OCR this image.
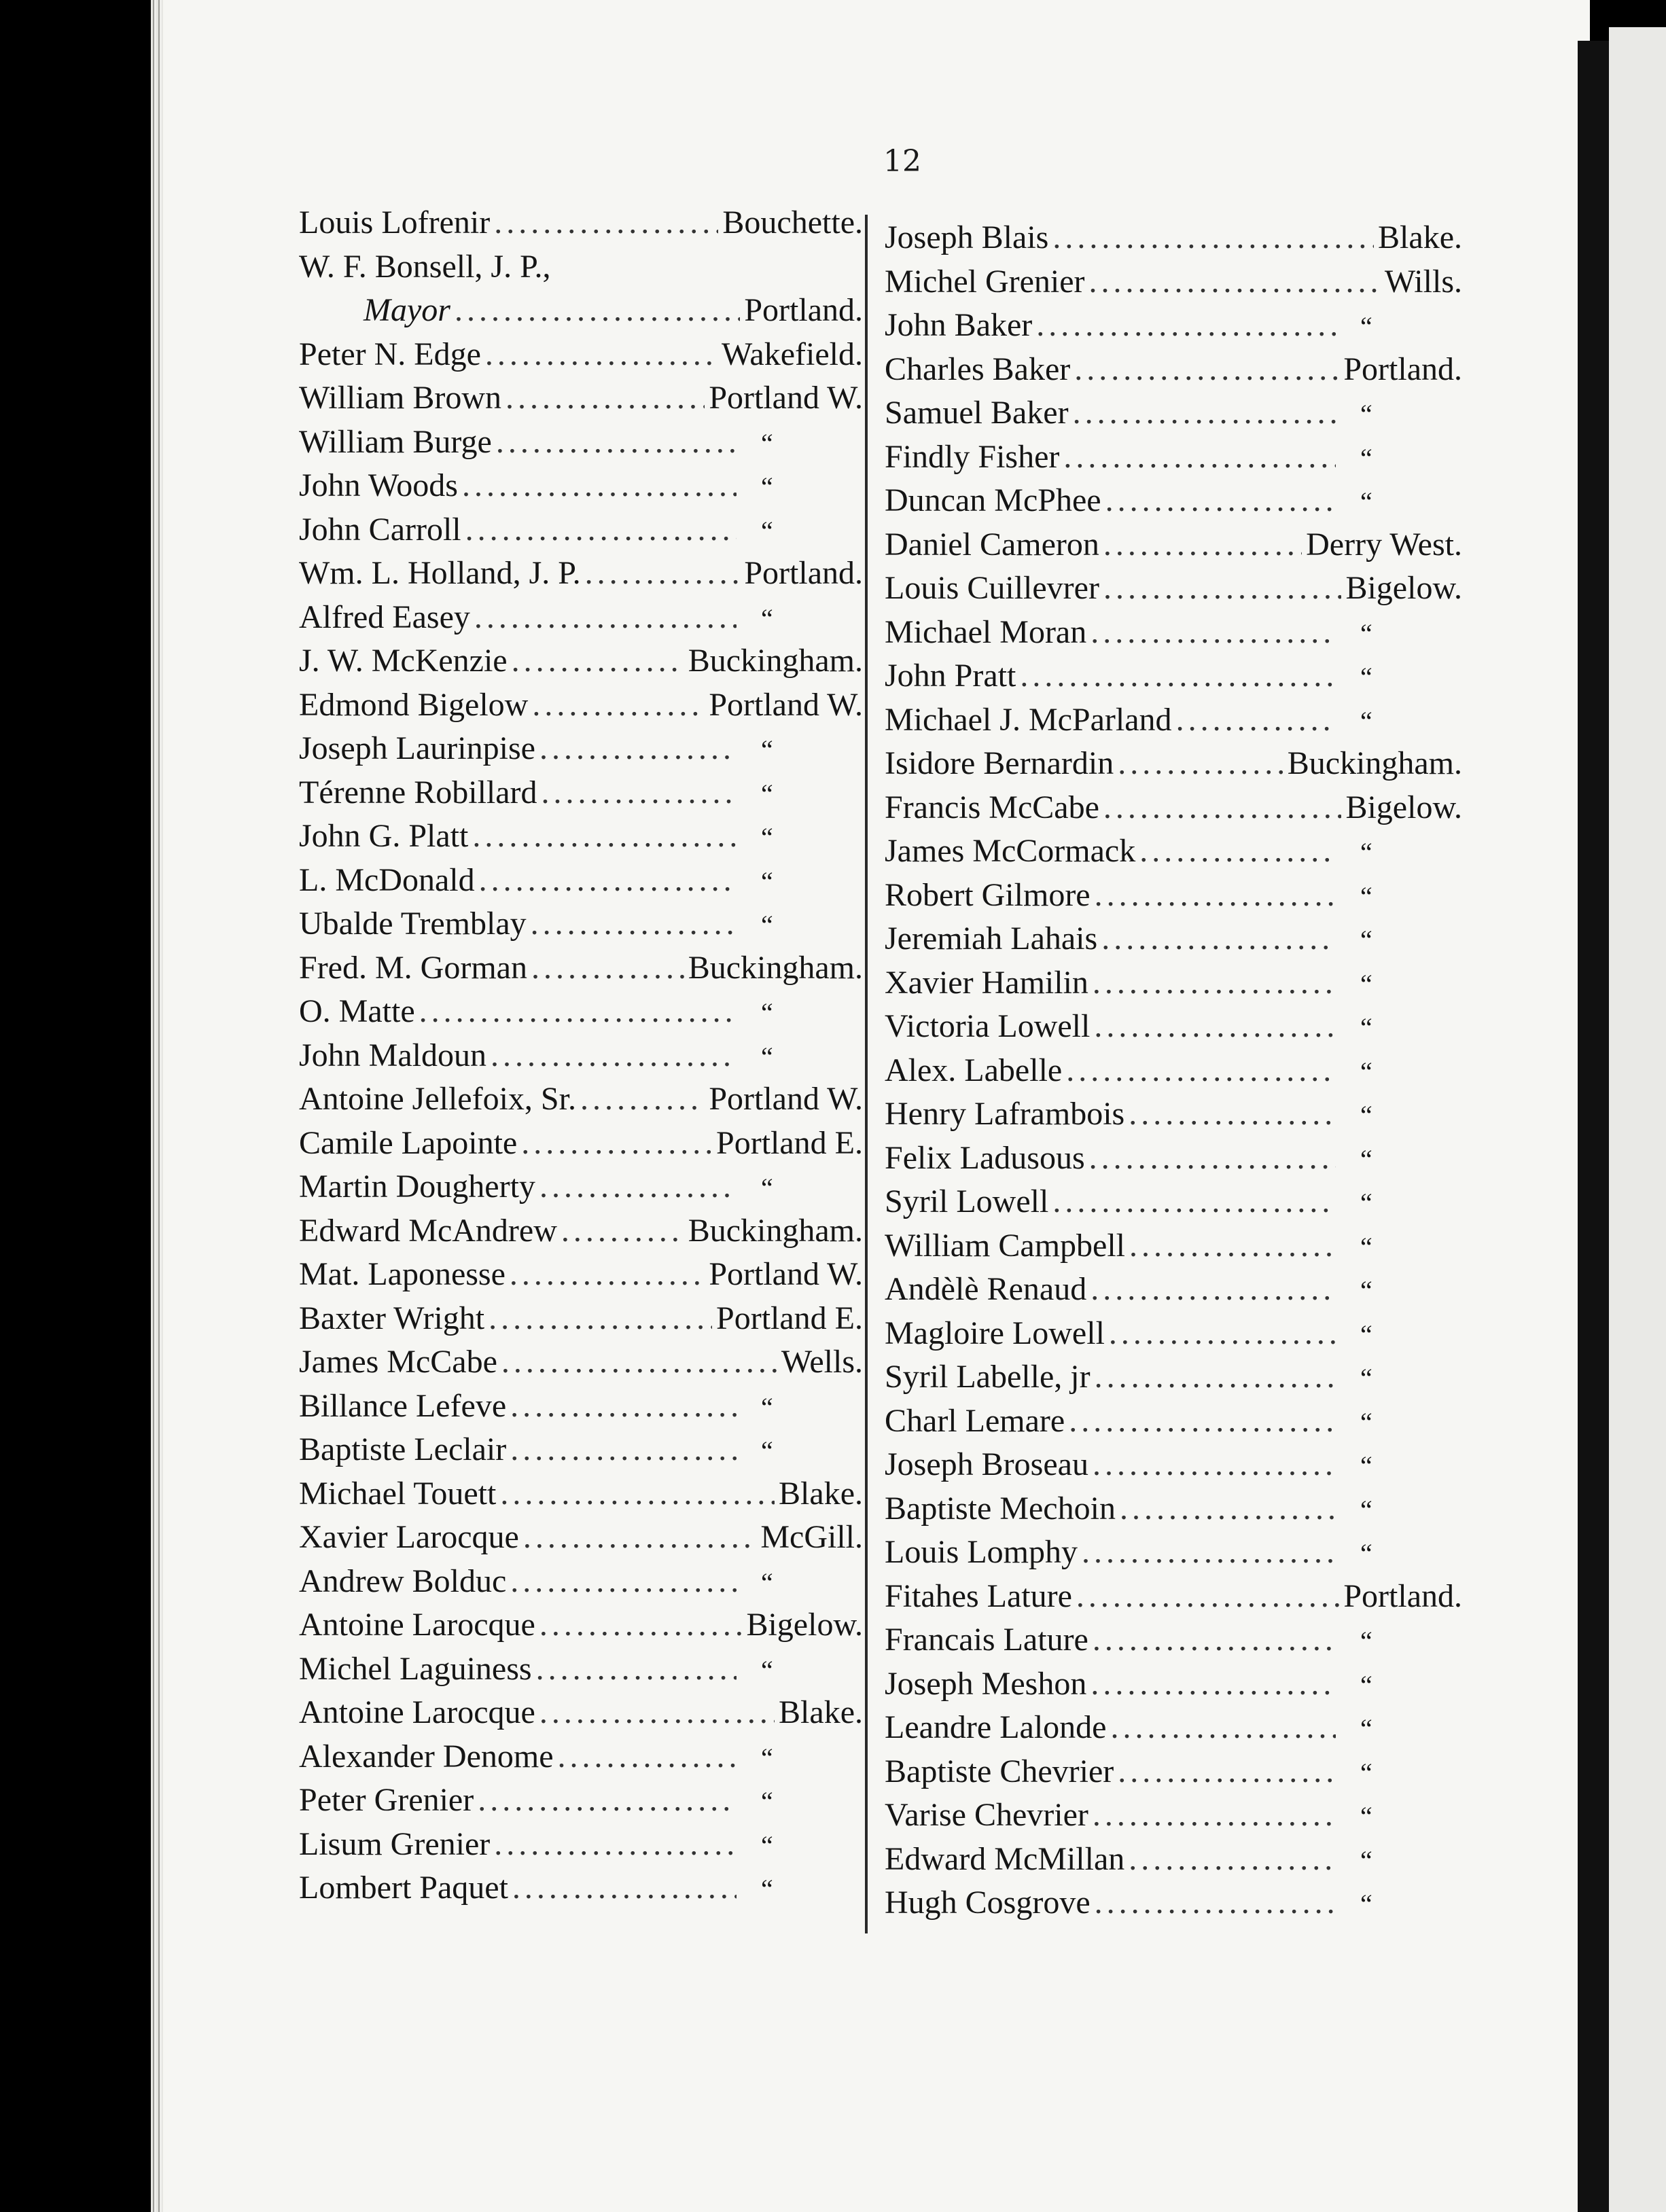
12
Louis Lofrenir .....	Bouchette.
W. F. Bonsell, J. P.,
Mayor .....	Portland.
Peter N. Edge .....	Wakefield.
William Brown .....	Portland W.
William Burge .....	“
John Woods .....	“
John Carroll .....	“
Wm. L. Holland, J. P. .....	Portland.
Alfred Easey .....	“
J. W. McKenzie .....	Buckingham.
Edmond Bigelow .....	Portland W.
Joseph Laurinpise .....	“
Térenne Robillard .....	“
John G. Platt .....	“
L. McDonald .....	“
Ubalde Tremblay .....	“
Fred. M. Gorman .....	Buckingham.
O. Matte .....	“
John Maldoun .....	“
Antoine Jellefoix, Sr. .....	Portland W.
Camile Lapointe .....	Portland E.
Martin Dougherty .....	“
Edward McAndrew .....	Buckingham.
Mat. Laponesse .....	Portland W.
Baxter Wright .....	Portland E.
James McCabe .....	Wells.
Billance Lefeve .....	“
Baptiste Leclair .....	“
Michael Touett .....	Blake.
Xavier Larocque .....	McGill.
Andrew Bolduc .....	“
Antoine Larocque .....	Bigelow.
Michel Laguiness .....	“
Antoine Larocque .....	Blake.
Alexander Denome .....	“
Peter Grenier .....	“
Lisum Grenier .....	“
Lombert Paquet .....	“
Joseph Blais .....	Blake.
Michel Grenier .....	Wills.
John Baker .....	“
Charles Baker .....	Portland.
Samuel Baker .....	“
Findly Fisher .....	“
Duncan McPhee .....	“
Daniel Cameron .....	Derry West.
Louis Cuillevrer .....	Bigelow.
Michael Moran .....	“
John Pratt .....	“
Michael J. McParland .....	“
Isidore Bernardin .....	Buckingham.
Francis McCabe .....	Bigelow.
James McCormack .....	“
Robert Gilmore .....	“
Jeremiah Lahais .....	“
Xavier Hamilin .....	“
Victoria Lowell .....	“
Alex. Labelle .....	“
Henry Laframbois .....	“
Felix Ladusous .....	“
Syril Lowell .....	“
William Campbell .....	“
Andèlè Renaud .....	“
Magloire Lowell .....	“
Syril Labelle, jr .....	“
Charl Lemare .....	“
Joseph Broseau .....	“
Baptiste Mechoin .....	“
Louis Lomphy .....	“
Fitahes Lature .....	Portland.
Francais Lature .....	“
Joseph Meshon .....	“
Leandre Lalonde .....	“
Baptiste Chevrier .....	“
Varise Chevrier .....	“
Edward McMillan .....	“
Hugh Cosgrove .....	“
